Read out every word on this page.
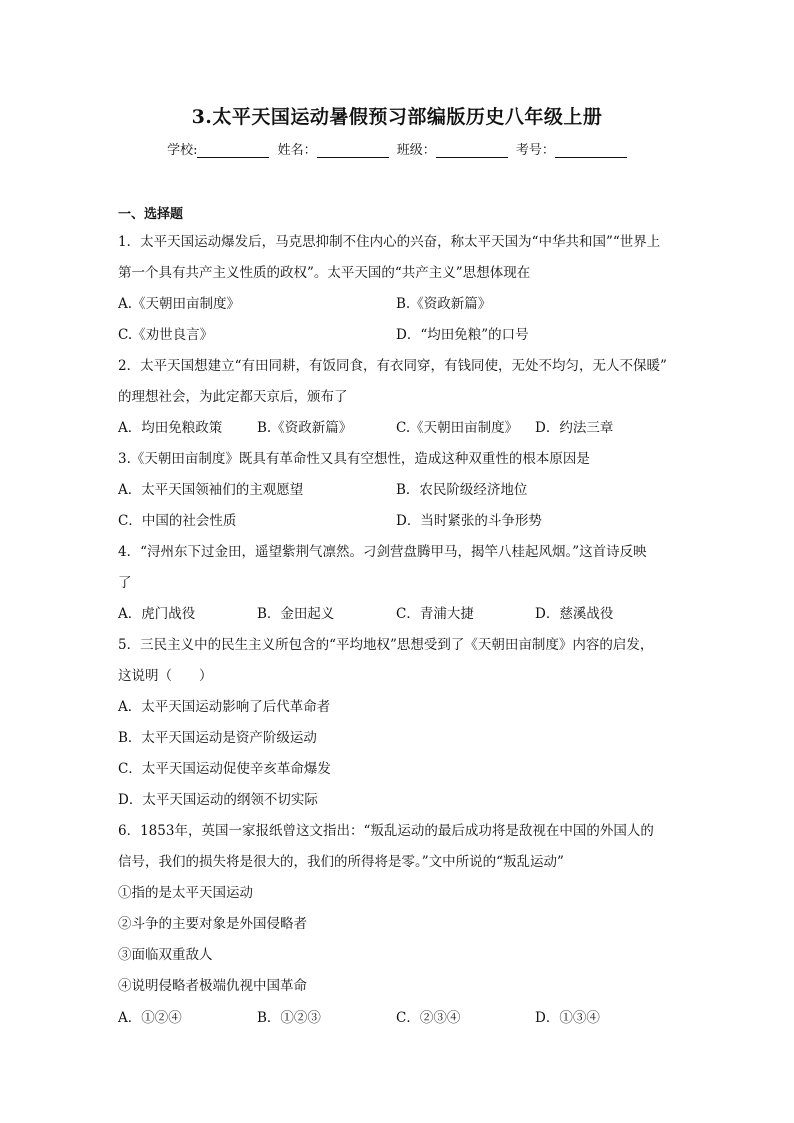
3.太平天国运动暑假预习部编版历史八年级上册
学校:	姓名：	班级：	考号：
一、选择题
1．太平天国运动爆发后，马克思抑制不住内心的兴奋，称太平天国为“中华共和国”“世界上
第一个具有共产主义性质的政权”。太平天国的“共产主义”思想体现在
A.《天朝田亩制度》	B.《资政新篇》
C.《劝世良言》	D．“均田免粮”的口号
2．太平天国想建立“有田同耕，有饭同食，有衣同穿，有钱同使，无处不均匀，无人不保暖”
的理想社会，为此定都天京后，颁布了
A．均田免粮政策	B.《资政新篇》	C.《天朝田亩制度》 D．约法三章
3.《天朝田亩制度》既具有革命性又具有空想性，造成这种双重性的根本原因是
A．太平天国领袖们的主观愿望	B．农民阶级经济地位
C．中国的社会性质	D．当时紧张的斗争形势
4．“浔州东下过金田，遥望紫荆气凛然。刁剑营盘腾甲马，揭竿八桂起风烟。”这首诗反映
了
A．虎门战役	B．金田起义	C．青浦大捷	D．慈溪战役
5．三民主义中的民生主义所包含的“平均地权”思想受到了《天朝田亩制度》内容的启发，
这说明（　　）
A．太平天国运动影响了后代革命者
B．太平天国运动是资产阶级运动
C．太平天国运动促使辛亥革命爆发
D．太平天国运动的纲领不切实际
6．1853年，英国一家报纸曾这文指出：“叛乱运动的最后成功将是敌视在中国的外国人的
信号，我们的损失将是很大的，我们的所得将是零。”文中所说的“叛乱运动”
①指的是太平天国运动
②斗争的主要对象是外国侵略者
③面临双重敌人
④说明侵略者极端仇视中国革命
A．①②④	B．①②③	C．②③④	D．①③④
